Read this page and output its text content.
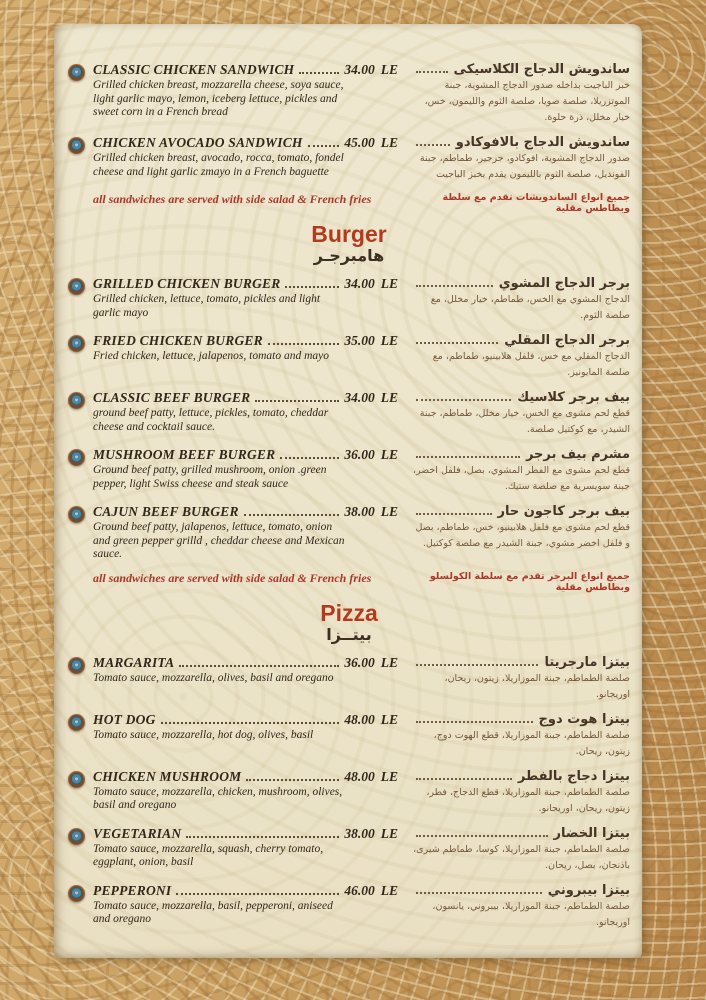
CLASSIC CHICKEN SANDWICH	34.00 LE
Grilled chicken breast, mozzarella cheese, soya sauce, light garlic mayo, lemon, iceberg lettuce, pickles and sweet corn in a French bread
ساندويش الدجاج الكلاسيكى
خبز الباجيت بداخله صدور الدجاج المشوية، جبنة الموتزريلا، صلصة صويا، صلصة الثوم والليمون، خس، خيار مخلل، ذرة حلوة.
CHICKEN AVOCADO SANDWICH	45.00 LE
Grilled chicken breast, avocado, rocca, tomato, fondel cheese and light garlic zmayo in a French baguette
ساندويش الدجاج بالافوكادو
صدور الدجاج المشوية، افوكادو، جرجير، طماطم، جبنة الفونديل، صلصة الثوم بالليمون يقدم بخبز الباجيت
all sandwiches are served with side salad & French fries	جميع انواع الساندويشات تقدم مع سلطة وبطاطس مقلية
Burger
هامبرجـر
GRILLED CHICKEN BURGER	34.00 LE
Grilled chicken, lettuce, tomato, pickles and light garlic mayo
برجر الدجاج المشوي
الدجاج المشوي مع الخس، طماطم، خيار مخلل، مع صلصة الثوم.
FRIED CHICKEN BURGER	35.00 LE
Fried chicken, lettuce, jalapenos, tomato and mayo
برجر الدجاج المقلي
الدجاج المقلي مع خس، فلفل هلابينيو، طماطم، مع صلصة المايونيز.
CLASSIC BEEF BURGER	34.00 LE
ground beef patty, lettuce, pickles, tomato, cheddar cheese and cocktail sauce.
بيف برجر كلاسيك
قطع لحم مشوى مع الخس، خيار مخلل، طماطم، جبنة الشيدر، مع كوكتيل صلصة.
MUSHROOM BEEF BURGER	36.00 LE
Ground beef patty, grilled mushroom, onion .green pepper, light Swiss cheese and steak sauce
مشرم بيف برجر
قطع لحم مشوى مع الفطر المشوي، بصل، فلفل اخضر، جبنة سويسرية مع صلصة ستيك.
CAJUN BEEF BURGER	38.00 LE
Ground beef patty, jalapenos, lettuce, tomato, onion and green pepper grilld , cheddar cheese and Mexican sauce.
بيف برجر كاجون حار
قطع لحم مشوى مع فلفل هلابينيو، خس، طماطم، بصل و فلفل اخضر مشوي، جبنة الشيدر مع صلصة كوكتيل.
all sandwiches are served with side salad & French fries	جميع انواع البرجر تقدم مع سلطة الكولسلو وبطاطس مقلية
Pizza
بيتــزا
MARGARITA	36.00 LE
Tomato sauce, mozzarella, olives, basil and oregano
بيتزا مارجريتا
صلصة الطماطم، جبنة الموزاريلا، زيتون، ريحان، اوريجانو.
HOT DOG	48.00 LE
Tomato sauce, mozzarella, hot dog, olives, basil
بيتزا هوت دوج
صلصة الطماطم، جبنة الموزاريلا، قطع الهوت دوج، زيتون، ريحان.
CHICKEN MUSHROOM	48.00 LE
Tomato sauce, mozzarella, chicken, mushroom, olives, basil and oregano
بيتزا دجاج بالفطر
صلصة الطماطم، جبنة الموزاريلا، قطع الدجاج، فطر، زيتون، ريحان، اوريجانو.
VEGETARIAN	38.00 LE
Tomato sauce, mozzarella, squash, cherry tomato, eggplant, onion, basil
بيتزا الخضار
صلصة الطماطم، جبنة الموزاريلا، كوسا، طماطم شيرى، باذنجان، بصل، ريحان.
PEPPERONI	46.00 LE
Tomato sauce, mozzarella, basil, pepperoni, aniseed and oregano
بيتزا بيبروني
صلصة الطماطم، جبنة الموزاريلا، بيبروني، يانسون، اوريجانو.
